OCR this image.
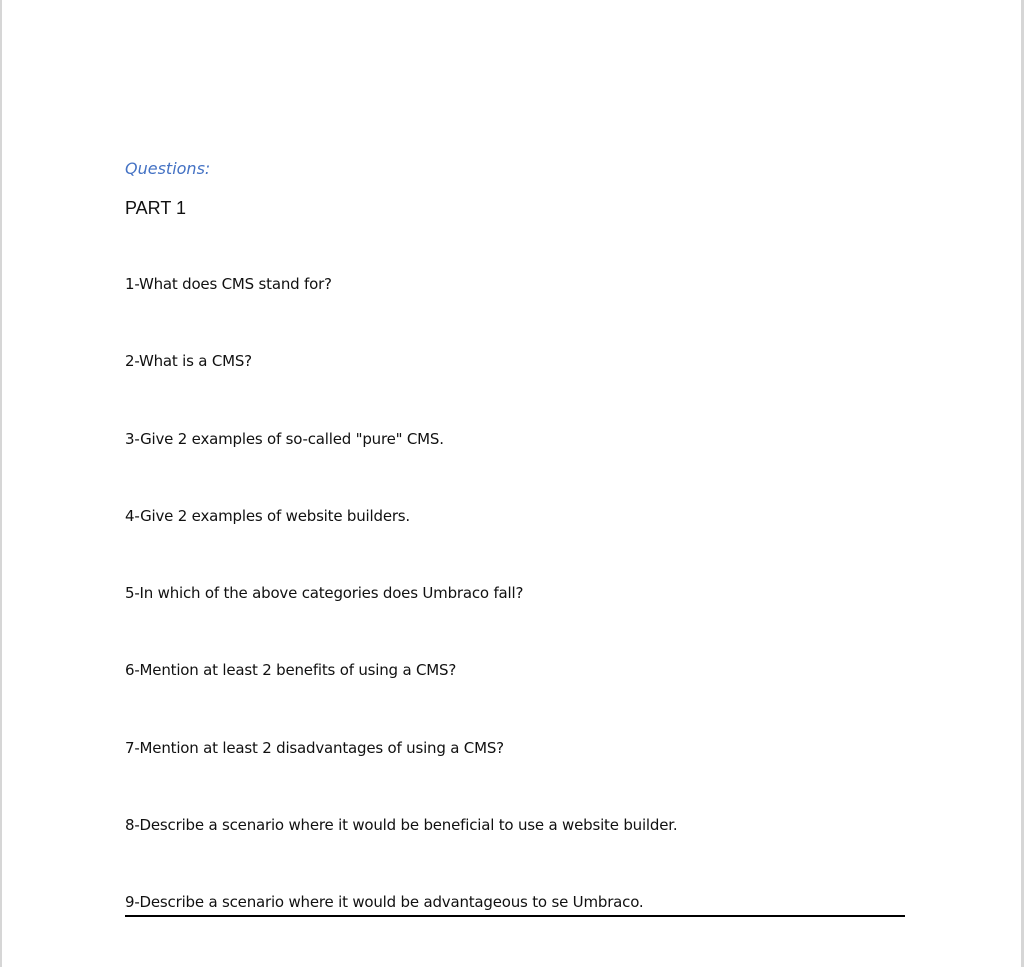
Questions:
PART 1
1-What does CMS stand for?
2-What is a CMS?
3-Give 2 examples of so-called "pure" CMS.
4-Give 2 examples of website builders.
5-In which of the above categories does Umbraco fall?
6-Mention at least 2 benefits of using a CMS?
7-Mention at least 2 disadvantages of using a CMS?
8-Describe a scenario where it would be beneficial to use a website builder.
9-Describe a scenario where it would be advantageous to se Umbraco.
